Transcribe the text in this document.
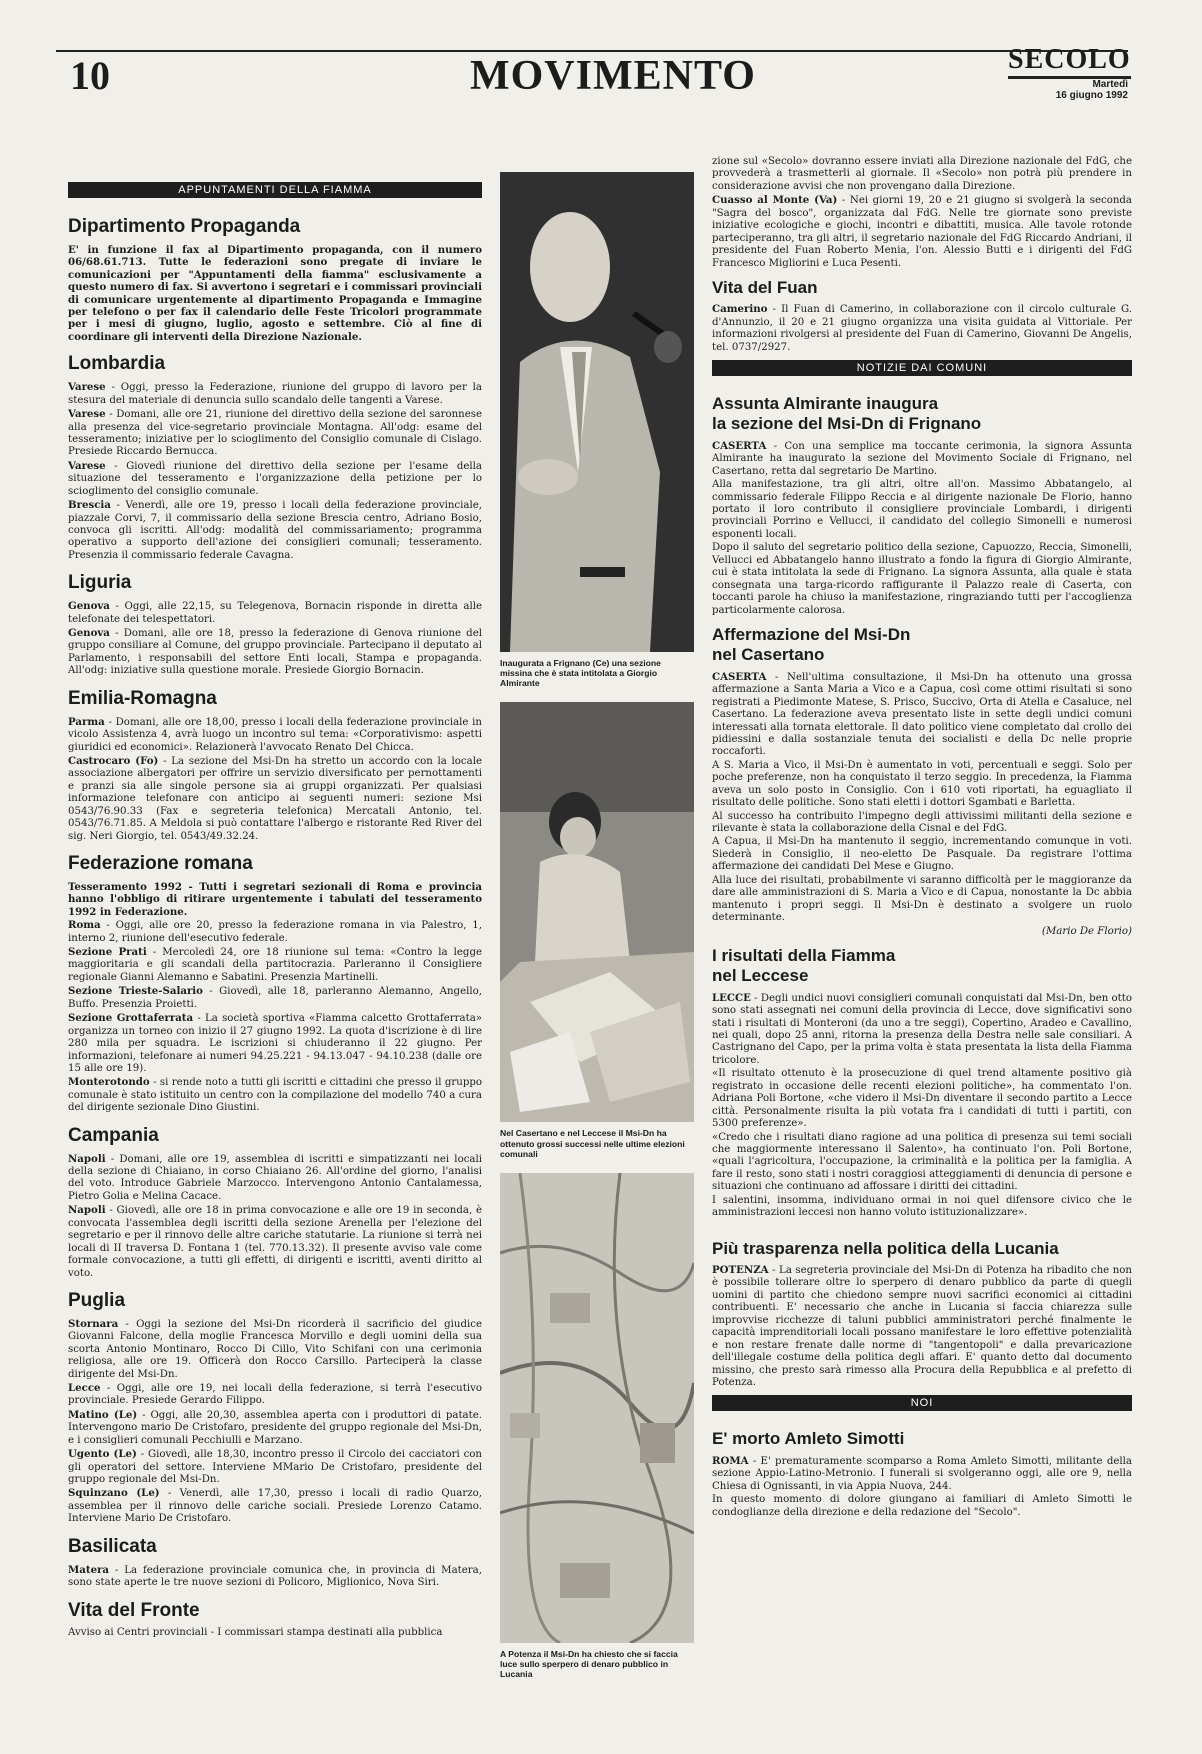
10	MOVIMENTO	SECOLO
Martedì
16 giugno 1992
APPUNTAMENTI DELLA FIAMMA
Dipartimento Propaganda

E' in funzione il fax al Dipartimento propaganda, con il numero 06/68.61.713. Tutte le federazioni sono pregate di inviare le comunicazioni per "Appuntamenti della fiamma" esclusivamente a questo numero di fax. Si avvertono i segretari e i commissari provinciali di comunicare urgentemente al dipartimento Propaganda e Immagine per telefono o per fax il calendario delle Feste Tricolori programmate per i mesi di giugno, luglio, agosto e settembre. Ciò al fine di coordinare gli interventi della Direzione Nazionale.

Lombardia

Varese - Oggi, presso la Federazione, riunione del gruppo di lavoro per la stesura del materiale di denuncia sullo scandalo delle tangenti a Varese.

Varese - Domani, alle ore 21, riunione del direttivo della sezione del saronnese alla presenza del vice-segretario provinciale Montagna. All'odg: esame del tesseramento; iniziative per lo scioglimento del Consiglio comunale di Cislago. Presiede Riccardo Bernucca.

Varese - Giovedì riunione del direttivo della sezione per l'esame della situazione del tesseramento e l'organizzazione della petizione per lo scioglimento del consiglio comunale.

Brescia - Venerdì, alle ore 19, presso i locali della federazione provinciale, piazzale Corvi, 7, il commissario della sezione Brescia centro, Adriano Bosio, convoca gli iscritti. All'odg: modalità del commissariamento; programma operativo a supporto dell'azione dei consiglieri comunali; tesseramento. Presenzia il commissario federale Cavagna.

Liguria

Genova - Oggi, alle 22,15, su Telegenova, Bornacin risponde in diretta alle telefonate dei telespettatori.

Genova - Domani, alle ore 18, presso la federazione di Genova riunione del gruppo consiliare al Comune, del gruppo provinciale. Partecipano il deputato al Parlamento, i responsabili del settore Enti locali, Stampa e propaganda. All'odg: iniziative sulla questione morale. Presiede Giorgio Bornacin.

Emilia-Romagna

Parma - Domani, alle ore 18,00, presso i locali della federazione provinciale in vicolo Assistenza 4, avrà luogo un incontro sul tema: «Corporativismo: aspetti giuridici ed economici». Relazionerà l'avvocato Renato Del Chicca.

Castrocaro (Fo) - La sezione del Msi-Dn ha stretto un accordo con la locale associazione albergatori per offrire un servizio diversificato per pernottamenti e pranzi sia alle singole persone sia ai gruppi organizzati. Per qualsiasi informazione telefonare con anticipo ai seguenti numeri: sezione Msi 0543/76.90.33 (Fax e segreteria telefonica) Mercatali Antonio, tel. 0543/76.71.85. A Meldola si può contattare l'albergo e ristorante Red River del sig. Neri Giorgio, tel. 0543/49.32.24.

Federazione romana

Tesseramento 1992 - Tutti i segretari sezionali di Roma e provincia hanno l'obbligo di ritirare urgentemente i tabulati del tesseramento 1992 in Federazione.

Roma - Oggi, alle ore 20, presso la federazione romana in via Palestro, 1, interno 2, riunione dell'esecutivo federale.

Sezione Prati - Mercoledì 24, ore 18 riunione sul tema: «Contro la legge maggioritaria e gli scandali della partitocrazia. Parleranno il Consigliere regionale Gianni Alemanno e Sabatini. Presenzia Martinelli.

Sezione Trieste-Salario - Giovedì, alle 18, parleranno Alemanno, Angello, Buffo. Presenzia Proietti.

Sezione Grottaferrata - La società sportiva «Fiamma calcetto Grottaferrata» organizza un torneo con inizio il 27 giugno 1992. La quota d'iscrizione è di lire 280 mila per squadra. Le iscrizioni si chiuderanno il 22 giugno. Per informazioni, telefonare ai numeri 94.25.221 - 94.13.047 - 94.10.238 (dalle ore 15 alle ore 19).

Monterotondo - si rende noto a tutti gli iscritti e cittadini che presso il gruppo comunale è stato istituito un centro con la compilazione del modello 740 a cura del dirigente sezionale Dino Giustini.

Campania

Napoli - Domani, alle ore 19, assemblea di iscritti e simpatizzanti nei locali della sezione di Chiaiano, in corso Chiaiano 26. All'ordine del giorno, l'analisi del voto. Introduce Gabriele Marzocco. Intervengono Antonio Cantalamessa, Pietro Golia e Melina Cacace.

Napoli - Giovedì, alle ore 18 in prima convocazione e alle ore 19 in seconda, è convocata l'assemblea degli iscritti della sezione Arenella per l'elezione del segretario e per il rinnovo delle altre cariche statutarie. La riunione si terrà nei locali di II traversa D. Fontana 1 (tel. 770.13.32). Il presente avviso vale come formale convocazione, a tutti gli effetti, di dirigenti e iscritti, aventi diritto al voto.

Puglia

Stornara - Oggi la sezione del Msi-Dn ricorderà il sacrificio del giudice Giovanni Falcone, della moglie Francesca Morvillo e degli uomini della sua scorta Antonio Montinaro, Rocco Di Cillo, Vito Schifani con una cerimonia religiosa, alle ore 19. Officerà don Rocco Carsillo. Parteciperà la classe dirigente del Msi-Dn.

Lecce - Oggi, alle ore 19, nei locali della federazione, si terrà l'esecutivo provinciale. Presiede Gerardo Filippo.

Matino (Le) - Oggi, alle 20,30, assemblea aperta con i produttori di patate. Intervengono mario De Cristofaro, presidente del gruppo regionale del Msi-Dn, e i consiglieri comunali Pecchiulli e Marzano.

Ugento (Le) - Giovedì, alle 18,30, incontro presso il Circolo dei cacciatori con gli operatori del settore. Interviene MMario De Cristofaro, presidente del gruppo regionale del Msi-Dn.

Squinzano (Le) - Venerdì, alle 17,30, presso i locali di radio Quarzo, assemblea per il rinnovo delle cariche sociali. Presiede Lorenzo Catamo. Interviene Mario De Cristofaro.

Basilicata

Matera - La federazione provinciale comunica che, in provincia di Matera, sono state aperte le tre nuove sezioni di Policoro, Miglionico, Nova Siri.

Vita del Fronte

Avviso ai Centri provinciali - I commissari stampa destinati alla pubblica

Inaugurata a Frignano (Ce) una sezione missina che è stata intitolata a Giorgio Almirante
Nel Casertano e nel Leccese il Msi-Dn ha ottenuto grossi successi nelle ultime elezioni comunali
A Potenza il Msi-Dn ha chiesto che si faccia luce sullo sperpero di denaro pubblico in Lucania

zione sul «Secolo» dovranno essere inviati alla Direzione nazionale del FdG, che provvederà a trasmetterli al giornale. Il «Secolo» non potrà più prendere in considerazione avvisi che non provengano dalla Direzione.

Cuasso al Monte (Va) - Nei giorni 19, 20 e 21 giugno si svolgerà la seconda "Sagra del bosco", organizzata dal FdG. Nelle tre giornate sono previste iniziative ecologiche e giochi, incontri e dibattiti, musica. Alle tavole rotonde parteciperanno, tra gli altri, il segretario nazionale del FdG Riccardo Andriani, il presidente del Fuan Roberto Menia, l'on. Alessio Butti e i dirigenti del FdG Francesco Migliorini e Luca Pesenti.

Vita del Fuan

Camerino - Il Fuan di Camerino, in collaborazione con il circolo culturale G. d'Annunzio, il 20 e 21 giugno organizza una visita guidata al Vittoriale. Per informazioni rivolgersi al presidente del Fuan di Camerino, Giovanni De Angelis, tel. 0737/2927.

NOTIZIE DAI COMUNI
Assunta Almirante inaugura
la sezione del Msi-Dn di Frignano

CASERTA - Con una semplice ma toccante cerimonia, la signora Assunta Almirante ha inaugurato la sezione del Movimento Sociale di Frignano, nel Casertano, retta dal segretario De Martino.

Alla manifestazione, tra gli altri, oltre all'on. Massimo Abbatangelo, al commissario federale Filippo Reccia e al dirigente nazionale De Florio, hanno portato il loro contributo il consigliere provinciale Lombardi, i dirigenti provinciali Porrino e Vellucci, il candidato del collegio Simonelli e numerosi esponenti locali.

Dopo il saluto del segretario politico della sezione, Capuozzo, Reccia, Simonelli, Vellucci ed Abbatangelo hanno illustrato a fondo la figura di Giorgio Almirante, cui è stata intitolata la sede di Frignano. La signora Assunta, alla quale è stata consegnata una targa-ricordo raffigurante il Palazzo reale di Caserta, con toccanti parole ha chiuso la manifestazione, ringraziando tutti per l'accoglienza particolarmente calorosa.

Affermazione del Msi-Dn
nel Casertano

CASERTA - Nell'ultima consultazione, il Msi-Dn ha ottenuto una grossa affermazione a Santa Maria a Vico e a Capua, così come ottimi risultati si sono registrati a Piedimonte Matese, S. Prisco, Succivo, Orta di Atella e Casaluce, nel Casertano. La federazione aveva presentato liste in sette degli undici comuni interessati alla tornata elettorale. Il dato politico viene completato dal crollo dei pidiessini e dalla sostanziale tenuta dei socialisti e della Dc nelle proprie roccaforti.

A S. Maria a Vico, il Msi-Dn è aumentato in voti, percentuali e seggi. Solo per poche preferenze, non ha conquistato il terzo seggio. In precedenza, la Fiamma aveva un solo posto in Consiglio. Con i 610 voti riportati, ha eguagliato il risultato delle politiche. Sono stati eletti i dottori Sgambati e Barletta.

Al successo ha contribuito l'impegno degli attivissimi militanti della sezione e rilevante è stata la collaborazione della Cisnal e del FdG.

A Capua, il Msi-Dn ha mantenuto il seggio, incrementando comunque in voti. Siederà in Consiglio, il neo-eletto De Pasquale. Da registrare l'ottima affermazione dei candidati Del Mese e Giugno.

Alla luce dei risultati, probabilmente vi saranno difficoltà per le maggioranze da dare alle amministrazioni di S. Maria a Vico e di Capua, nonostante la Dc abbia mantenuto i propri seggi. Il Msi-Dn è destinato a svolgere un ruolo determinante.

(Mario De Florio)

I risultati della Fiamma
nel Leccese

LECCE - Degli undici nuovi consiglieri comunali conquistati dal Msi-Dn, ben otto sono stati assegnati nei comuni della provincia di Lecce, dove significativi sono stati i risultati di Monteroni (da uno a tre seggi), Copertino, Aradeo e Cavallino, nei quali, dopo 25 anni, ritorna la presenza della Destra nelle sale consiliari. A Castrignano del Capo, per la prima volta è stata presentata la lista della Fiamma tricolore.

«Il risultato ottenuto è la prosecuzione di quel trend altamente positivo già registrato in occasione delle recenti elezioni politiche», ha commentato l'on. Adriana Poli Bortone, «che videro il Msi-Dn diventare il secondo partito a Lecce città. Personalmente risulta la più votata fra i candidati di tutti i partiti, con 5300 preferenze».

«Credo che i risultati diano ragione ad una politica di presenza sui temi sociali che maggiormente interessano il Salento», ha continuato l'on. Poli Bortone, «quali l'agricoltura, l'occupazione, la criminalità e la politica per la famiglia. A fare il resto, sono stati i nostri coraggiosi atteggiamenti di denuncia di persone e situazioni che continuano ad affossare i diritti dei cittadini.

I salentini, insomma, individuano ormai in noi quel difensore civico che le amministrazioni leccesi non hanno voluto istituzionalizzare».

Più trasparenza nella politica della Lucania

POTENZA - La segreteria provinciale del Msi-Dn di Potenza ha ribadito che non è possibile tollerare oltre lo sperpero di denaro pubblico da parte di quegli uomini di partito che chiedono sempre nuovi sacrifici economici ai cittadini contribuenti. E' necessario che anche in Lucania si faccia chiarezza sulle improvvise ricchezze di taluni pubblici amministratori perché finalmente le capacità imprenditoriali locali possano manifestare le loro effettive potenzialità e non restare frenate dalle norme di "tangentopoli" e dalla prevaricazione dell'illegale costume della politica degli affari. E' quanto detto dal documento missino, che presto sarà rimesso alla Procura della Repubblica e al prefetto di Potenza.

NOI
E' morto Amleto Simotti

ROMA - E' prematuramente scomparso a Roma Amleto Simotti, militante della sezione Appio-Latino-Metronio. I funerali si svolgeranno oggi, alle ore 9, nella Chiesa di Ognissanti, in via Appia Nuova, 244.

In questo momento di dolore giungano ai familiari di Amleto Simotti le condoglianze della direzione e della redazione del "Secolo".
